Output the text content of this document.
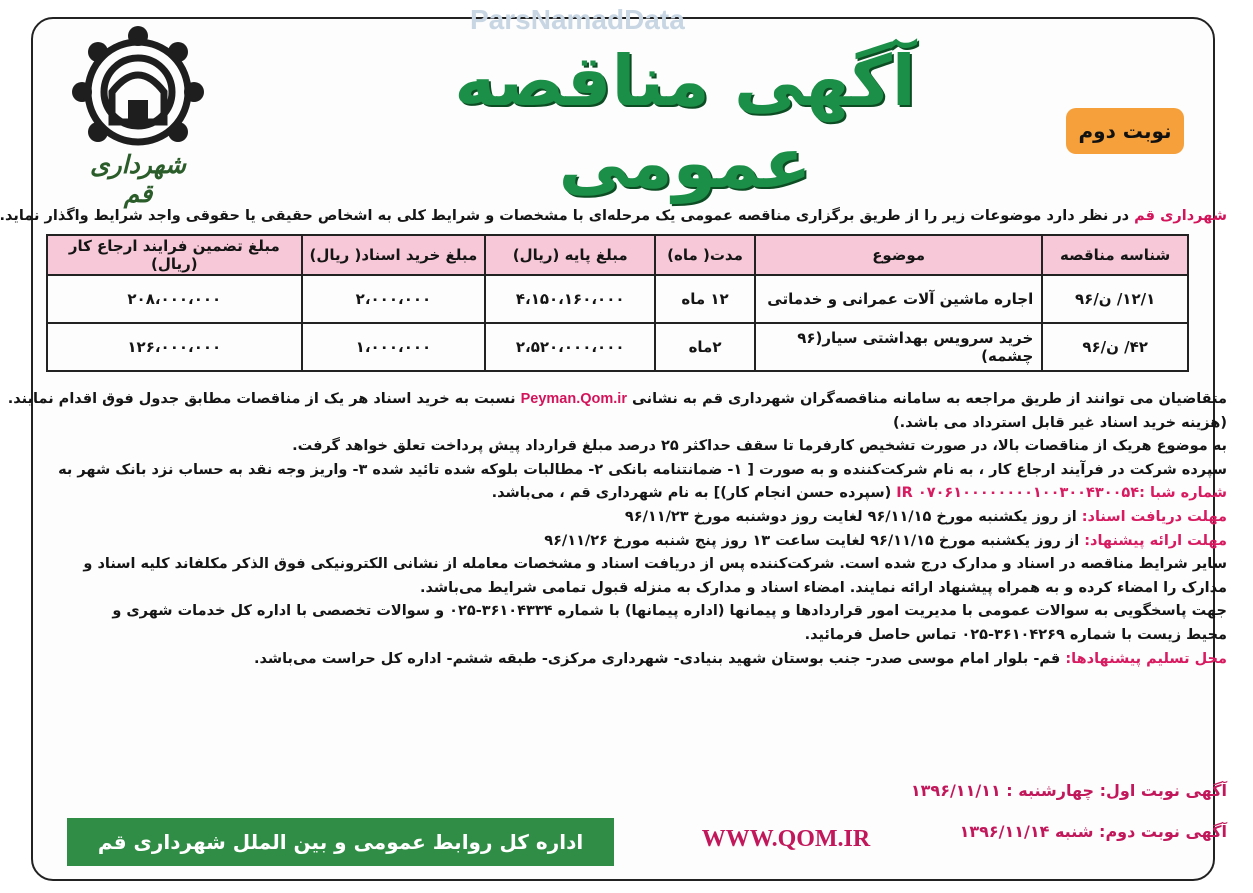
ParsNamadData
شهرداری قم
آگهی مناقصه عمومی	نوبت دوم
شهرداری قم در نظر دارد موضوعات زیر را از طریق برگزاری مناقصه عمومی یک مرحله‌ای با مشخصات و شرایط کلی به اشخاص حقیقی یا حقوقی واجد شرایط واگذار نماید.
شناسه مناقصه	موضوع	مدت( ماه)	مبلغ پایه (ریال)	مبلغ خرید اسناد( ریال)	مبلغ تضمین فرایند ارجاع کار (ریال)
۱۲/۱/ ن/۹۶	اجاره ماشین آلات عمرانی و خدماتی	۱۲ ماه	۴،۱۵۰،۱۶۰،۰۰۰	۲،۰۰۰،۰۰۰	۲۰۸،۰۰۰،۰۰۰
۴۲/ ن/۹۶	خرید سرویس بهداشتی سیار(۹۶ چشمه)	۲ماه	۲،۵۲۰،۰۰۰،۰۰۰	۱،۰۰۰،۰۰۰	۱۲۶،۰۰۰،۰۰۰

متقاضیان می توانند از طریق مراجعه به سامانه مناقصه‌گران شهرداری قم به نشانی Peyman.Qom.ir نسبت به خرید اسناد هر یک از مناقصات مطابق جدول فوق اقدام نمایند.

(هزینه خرید اسناد غیر قابل استرداد می باشد.)

به موضوع هریک از مناقصات بالا، در صورت تشخیص کارفرما تا سقف حداکثر ۲۵ درصد مبلغ قرارداد پیش پرداخت تعلق خواهد گرفت.

سپرده شرکت در فرآیند ارجاع کار ، به نام شرکت‌کننده و به صورت [ ۱- ضمانتنامه بانکی ۲- مطالبات بلوکه شده تائید شده ۳- واریز وجه نقد به حساب نزد بانک شهر به

شماره شبا :IR ۰۷۰۶۱۰۰۰۰۰۰۰۰۱۰۰۳۰۰۴۳۰۰۵۴ (سپرده حسن انجام کار)] به نام شهرداری قم ، می‌باشد.

مهلت دریافت اسناد: از روز یکشنبه مورخ ۹۶/۱۱/۱۵ لغایت روز دوشنبه مورخ ۹۶/۱۱/۲۳

مهلت ارائه پیشنهاد: از روز یکشنبه مورخ ۹۶/۱۱/۱۵ لغایت ساعت ۱۳ روز پنج شنبه مورخ ۹۶/۱۱/۲۶

سایر شرایط مناقصه در اسناد و مدارک درج شده است. شرکت‌کننده پس از دریافت اسناد و مشخصات معامله از نشانی الکترونیکی فوق الذکر مکلفاند کلیه اسناد و مدارک را امضاء کرده و به همراه پیشنهاد ارائه نمایند. امضاء اسناد و مدارک به منزله قبول تمامی شرایط می‌باشد.

جهت پاسخگویی به سوالات عمومی با مدیریت امور قراردادها و پیمانها (اداره پیمانها) با شماره ۳۶۱۰۴۳۳۴-۰۲۵ و سوالات تخصصی با اداره کل خدمات شهری و محیط زیست با شماره ۳۶۱۰۴۲۶۹-۰۲۵ تماس حاصل فرمائید.

محل تسلیم پیشنهادها: قم- بلوار امام موسی صدر- جنب بوستان شهید بنیادی- شهرداری مرکزی- طبقه ششم- اداره کل حراست می‌باشد.

آگهی نوبت اول: چهارشنبه : ۱۳۹۶/۱۱/۱۱
آگهی نوبت دوم: شنبه ۱۳۹۶/۱۱/۱۴
WWW.QOM.IR
اداره کل روابط عمومی و بین الملل شهرداری قم
